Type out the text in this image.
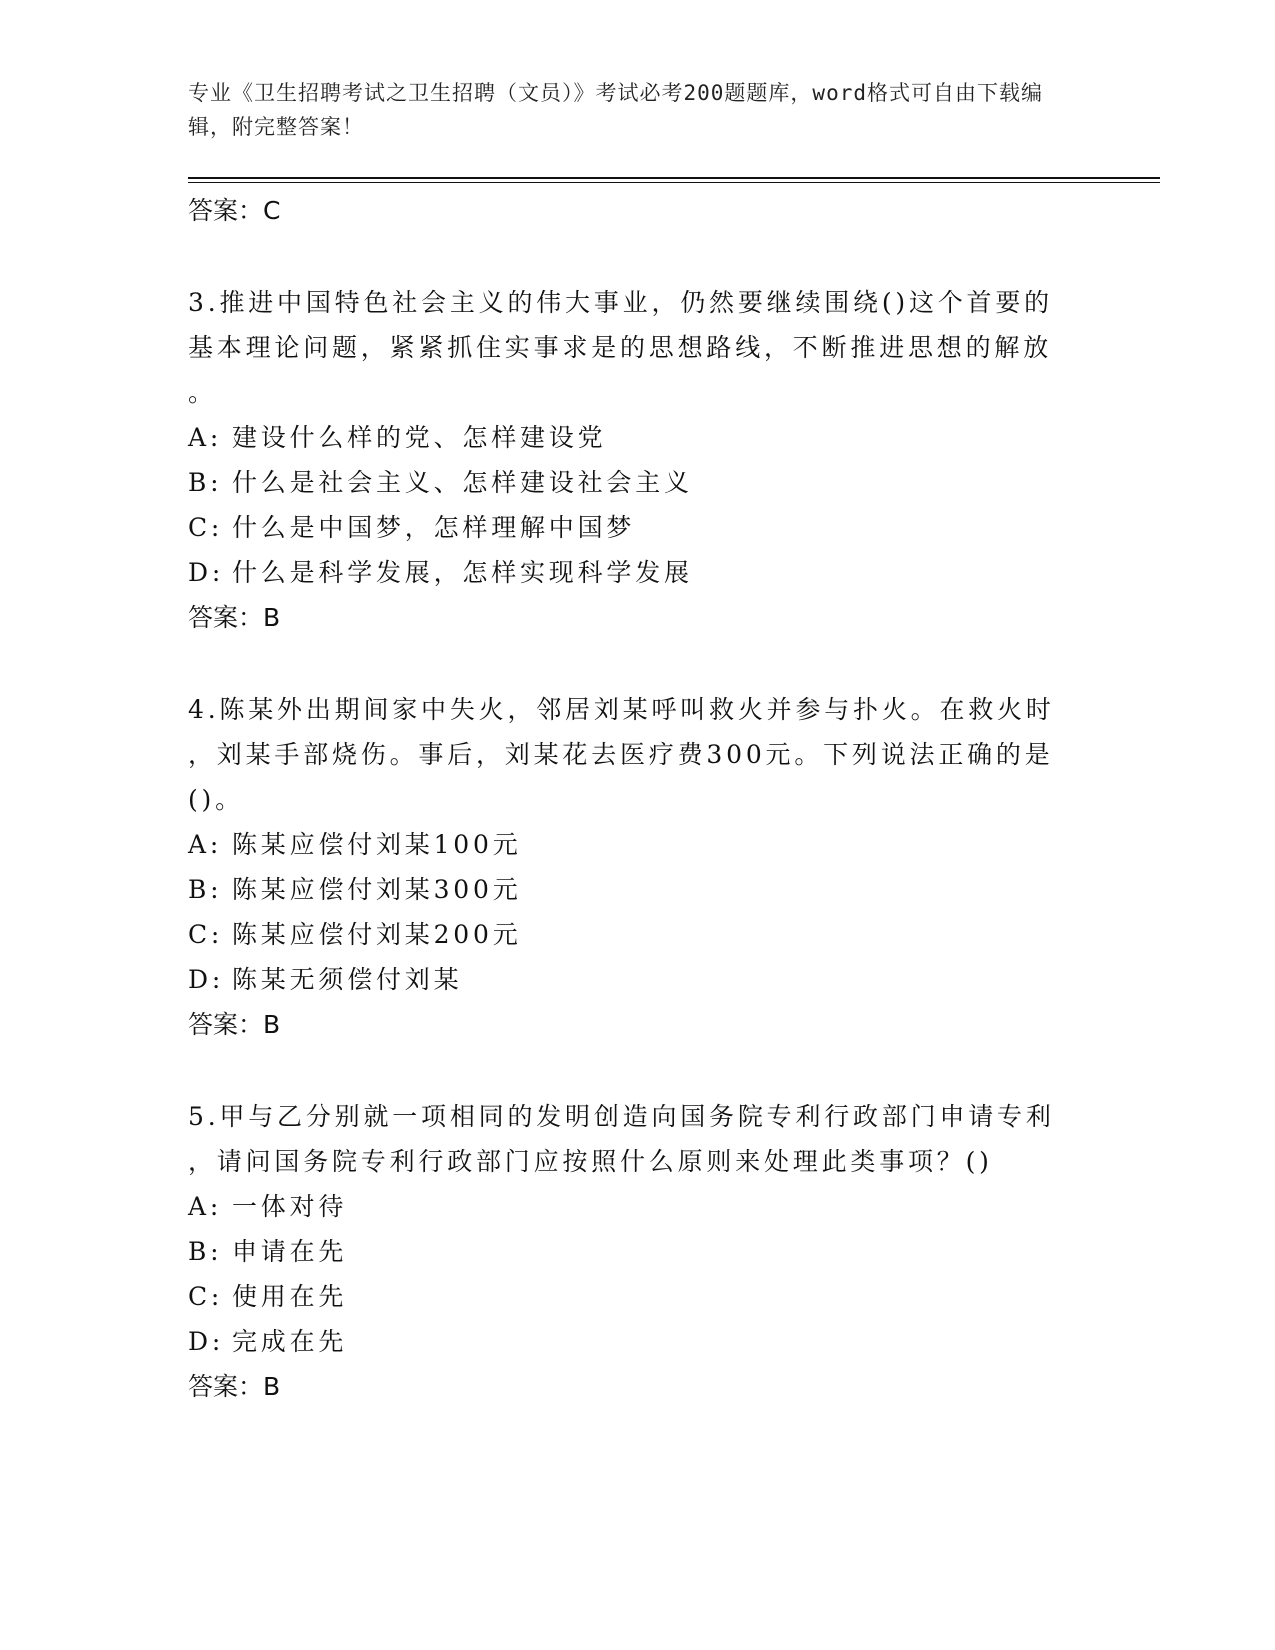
专业《卫生招聘考试之卫生招聘（文员）》考试必考200题题库，word格式可自由下载编辑，附完整答案！
答案：C
3.推进中国特色社会主义的伟大事业，仍然要继续围绕()这个首要的
基本理论问题，紧紧抓住实事求是的思想路线，不断推进思想的解放
。
A: 建设什么样的党、怎样建设党
B: 什么是社会主义、怎样建设社会主义
C: 什么是中国梦，怎样理解中国梦
D: 什么是科学发展，怎样实现科学发展
答案：B
4.陈某外出期间家中失火，邻居刘某呼叫救火并参与扑火。在救火时
，刘某手部烧伤。事后，刘某花去医疗费300元。下列说法正确的是
()。
A: 陈某应偿付刘某100元
B: 陈某应偿付刘某300元
C: 陈某应偿付刘某200元
D: 陈某无须偿付刘某
答案：B
5.甲与乙分别就一项相同的发明创造向国务院专利行政部门申请专利
，请问国务院专利行政部门应按照什么原则来处理此类事项？()
A: 一体对待
B: 申请在先
C: 使用在先
D: 完成在先
答案：B
